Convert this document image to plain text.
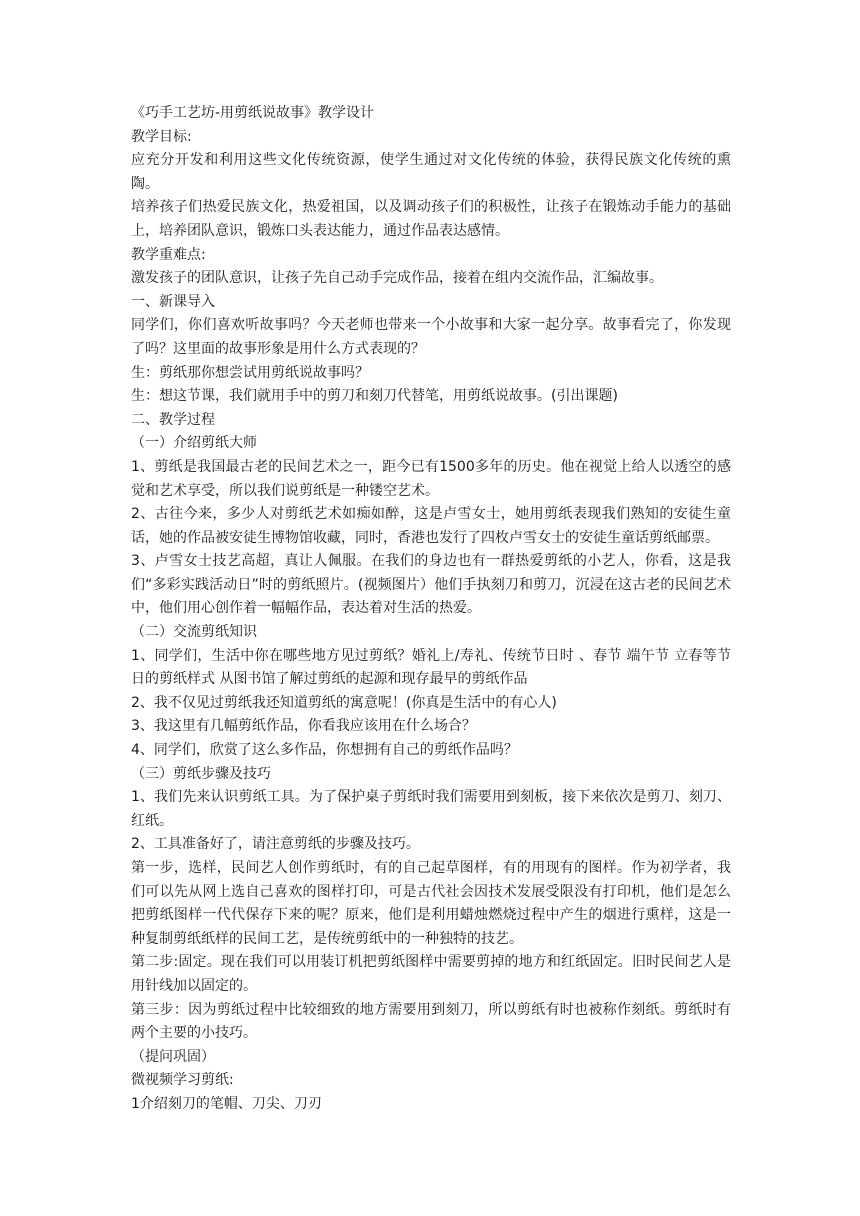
《巧手工艺坊-用剪纸说故事》教学设计

教学目标:

应充分开发和利用这些文化传统资源，使学生通过对文化传统的体验，获得民族文化传统的熏陶。

培养孩子们热爱民族文化，热爱祖国，以及调动孩子们的积极性，让孩子在锻炼动手能力的基础上，培养团队意识，锻炼口头表达能力，通过作品表达感情。

教学重难点:

激发孩子的团队意识，让孩子先自己动手完成作品，接着在组内交流作品，汇编故事。

一、新课导入

同学们，你们喜欢听故事吗？今天老师也带来一个小故事和大家一起分享。故事看完了，你发现了吗？这里面的故事形象是用什么方式表现的？

生：剪纸那你想尝试用剪纸说故事吗？

生：想这节课，我们就用手中的剪刀和刻刀代替笔，用剪纸说故事。(引出课题)

二、教学过程

（一）介绍剪纸大师

1、剪纸是我国最古老的民间艺术之一，距今已有1500多年的历史。他在视觉上给人以透空的感觉和艺术享受，所以我们说剪纸是一种镂空艺术。

2、古往今来，多少人对剪纸艺术如痴如醉，这是卢雪女士，她用剪纸表现我们熟知的安徒生童话，她的作品被安徒生博物馆收藏，同时，香港也发行了四枚卢雪女士的安徒生童话剪纸邮票。

3、卢雪女士技艺高超，真让人佩服。在我们的身边也有一群热爱剪纸的小艺人，你看，这是我们“多彩实践活动日”时的剪纸照片。(视频图片）他们手执刻刀和剪刀，沉浸在这古老的民间艺术中，他们用心创作着一幅幅作品，表达着对生活的热爱。

（二）交流剪纸知识

1、同学们，生活中你在哪些地方见过剪纸？婚礼上/寿礼、传统节日时 、春节 端午节 立春等节日的剪纸样式 从图书馆了解过剪纸的起源和现存最早的剪纸作品

2、我不仅见过剪纸我还知道剪纸的寓意呢！(你真是生活中的有心人)

3、我这里有几幅剪纸作品，你看我应该用在什么场合？

4、同学们，欣赏了这么多作品，你想拥有自己的剪纸作品吗？

（三）剪纸步骤及技巧

1、我们先来认识剪纸工具。为了保护桌子剪纸时我们需要用到刻板，接下来依次是剪刀、刻刀、红纸。

2、工具准备好了，请注意剪纸的步骤及技巧。

第一步，选样，民间艺人创作剪纸时，有的自己起草图样，有的用现有的图样。作为初学者，我们可以先从网上选自己喜欢的图样打印，可是古代社会因技术发展受限没有打印机，他们是怎么把剪纸图样一代代保存下来的呢？原来，他们是利用蜡烛燃烧过程中产生的烟进行熏样，这是一种复制剪纸纸样的民间工艺，是传统剪纸中的一种独特的技艺。

第二步:固定。现在我们可以用装订机把剪纸图样中需要剪掉的地方和红纸固定。旧时民间艺人是用针线加以固定的。

第三步：因为剪纸过程中比较细致的地方需要用到刻刀，所以剪纸有时也被称作刻纸。剪纸时有两个主要的小技巧。

（提问巩固）

微视频学习剪纸:

1介绍刻刀的笔帽、刀尖、刀刃
